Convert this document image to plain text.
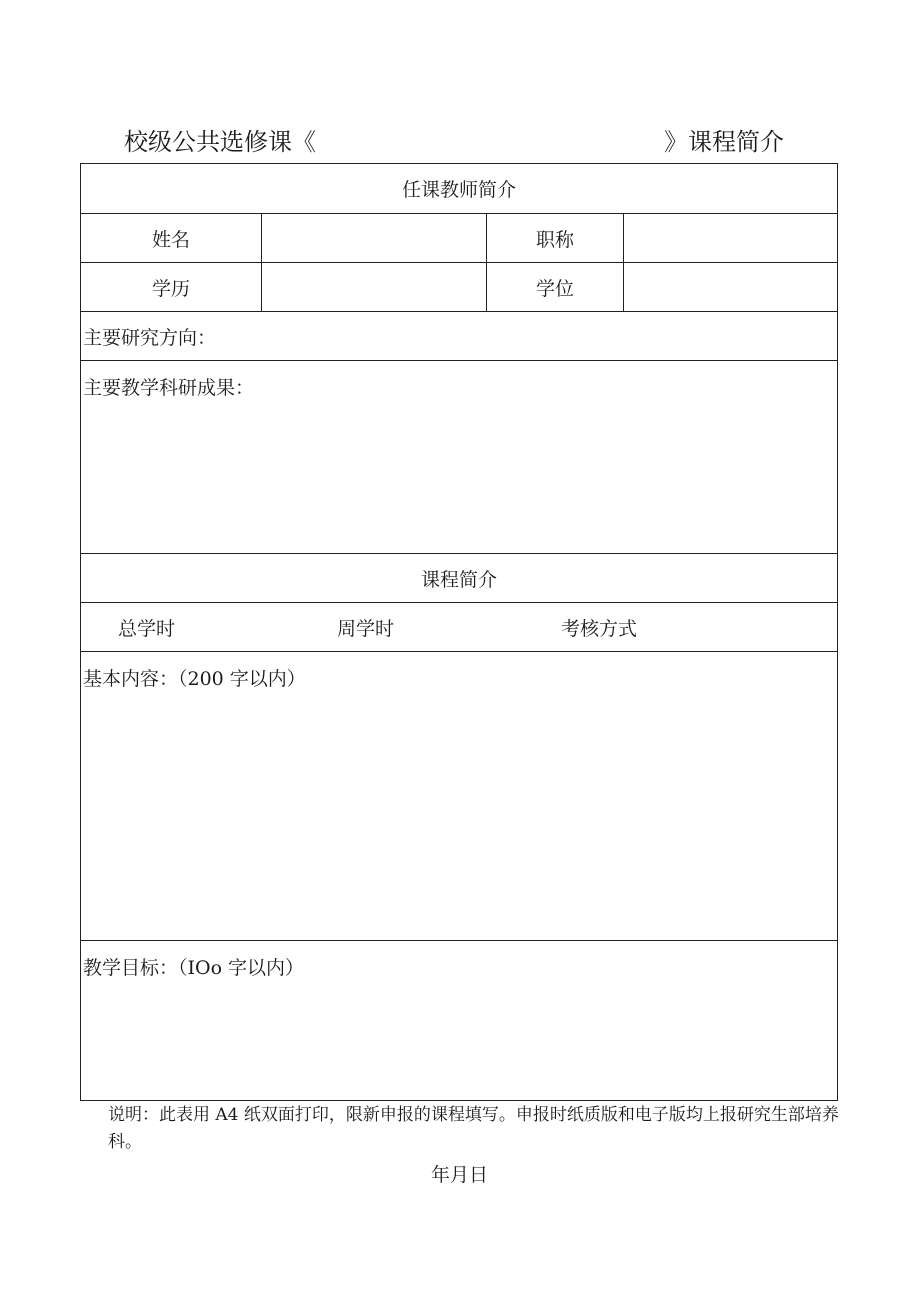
校级公共选修课《	》课程简介
任课教师简介
姓名	职称
学历	学位
主要研究方向：
主要教学科研成果：
课程简介
总学时	周学时	考核方式
基本内容：（200 字以内）
教学目标：（IOo 字以内）
说明：此表用 A4 纸双面打印，限新申报的课程填写。申报时纸质版和电子版均上报研究生部培养科。
年月日
